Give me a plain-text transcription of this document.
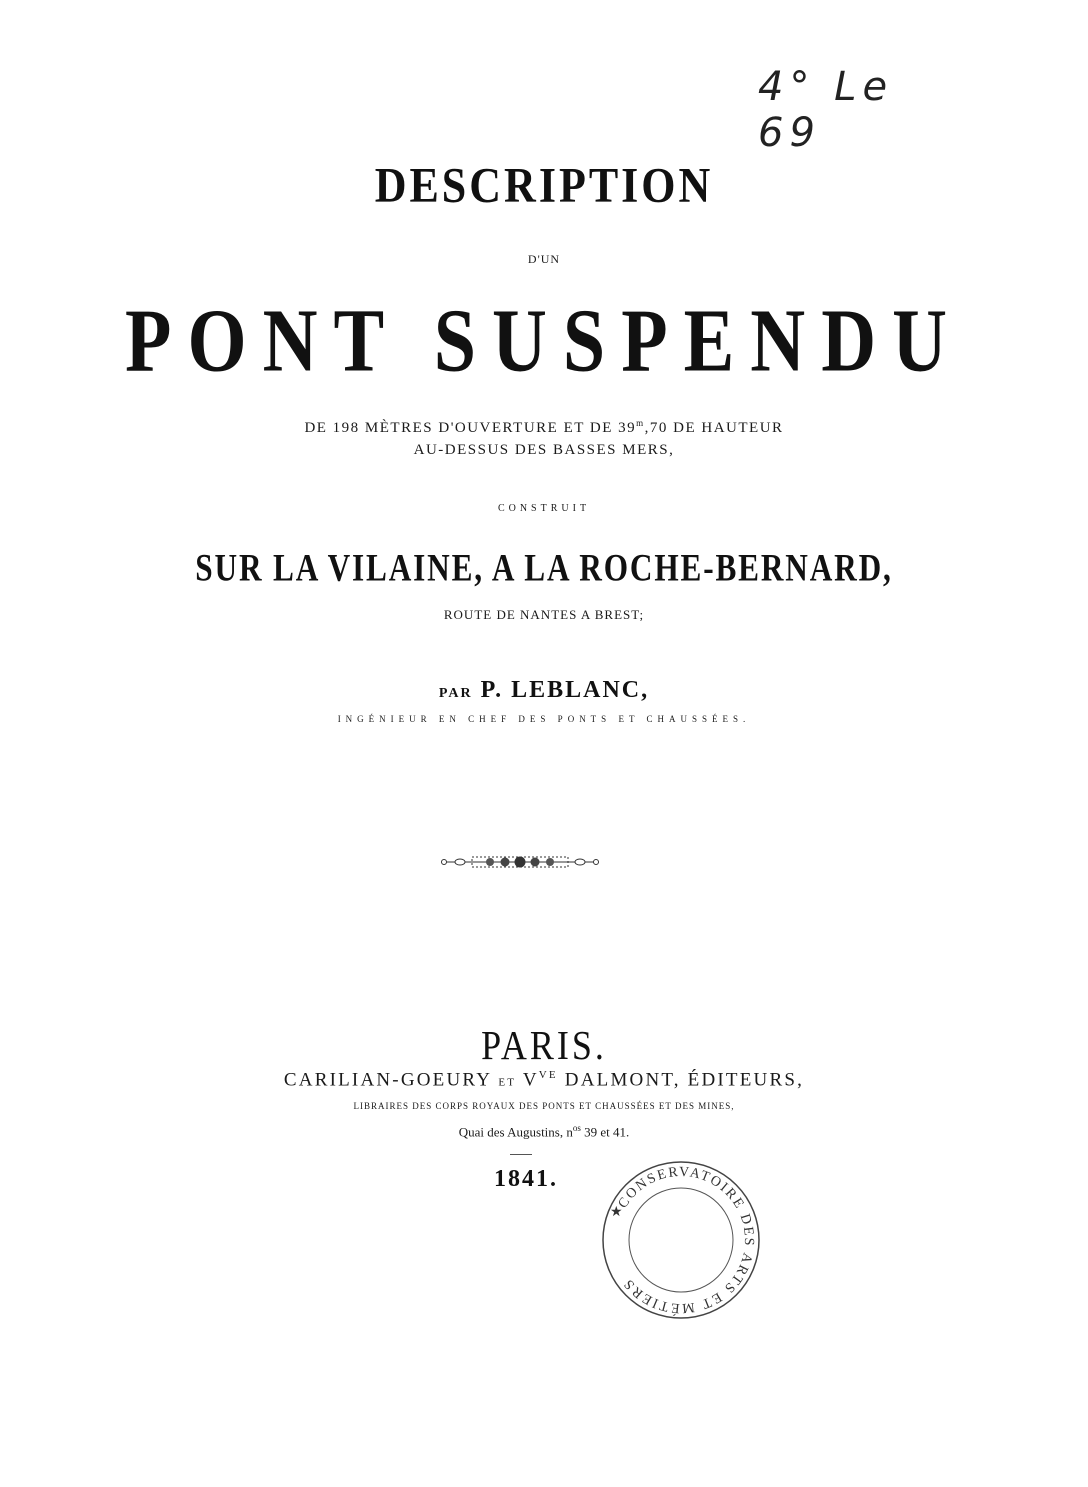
4° Le 69
DESCRIPTION
D'UN
PONT SUSPENDU
DE 198 MÈTRES D'OUVERTURE ET DE 39$^m$,70 DE HAUTEUR
AU-DESSUS DES BASSES MERS,
CONSTRUIT
SUR LA VILAINE, A LA ROCHE-BERNARD,
ROUTE DE NANTES A BREST;
PAR P. LEBLANC,
INGÉNIEUR EN CHEF DES PONTS ET CHAUSSÉES.
PARIS.
CARILIAN-GOEURY ET $V^{VE}$ DALMONT, ÉDITEURS,
LIBRAIRES DES CORPS ROYAUX DES PONTS ET CHAUSSÉES ET DES MINES,
Quai des Augustins, $n^{os}$ 39 et 41.
1841.
CONSERVATOIRE DES ARTS ET MÉTIERS
★
